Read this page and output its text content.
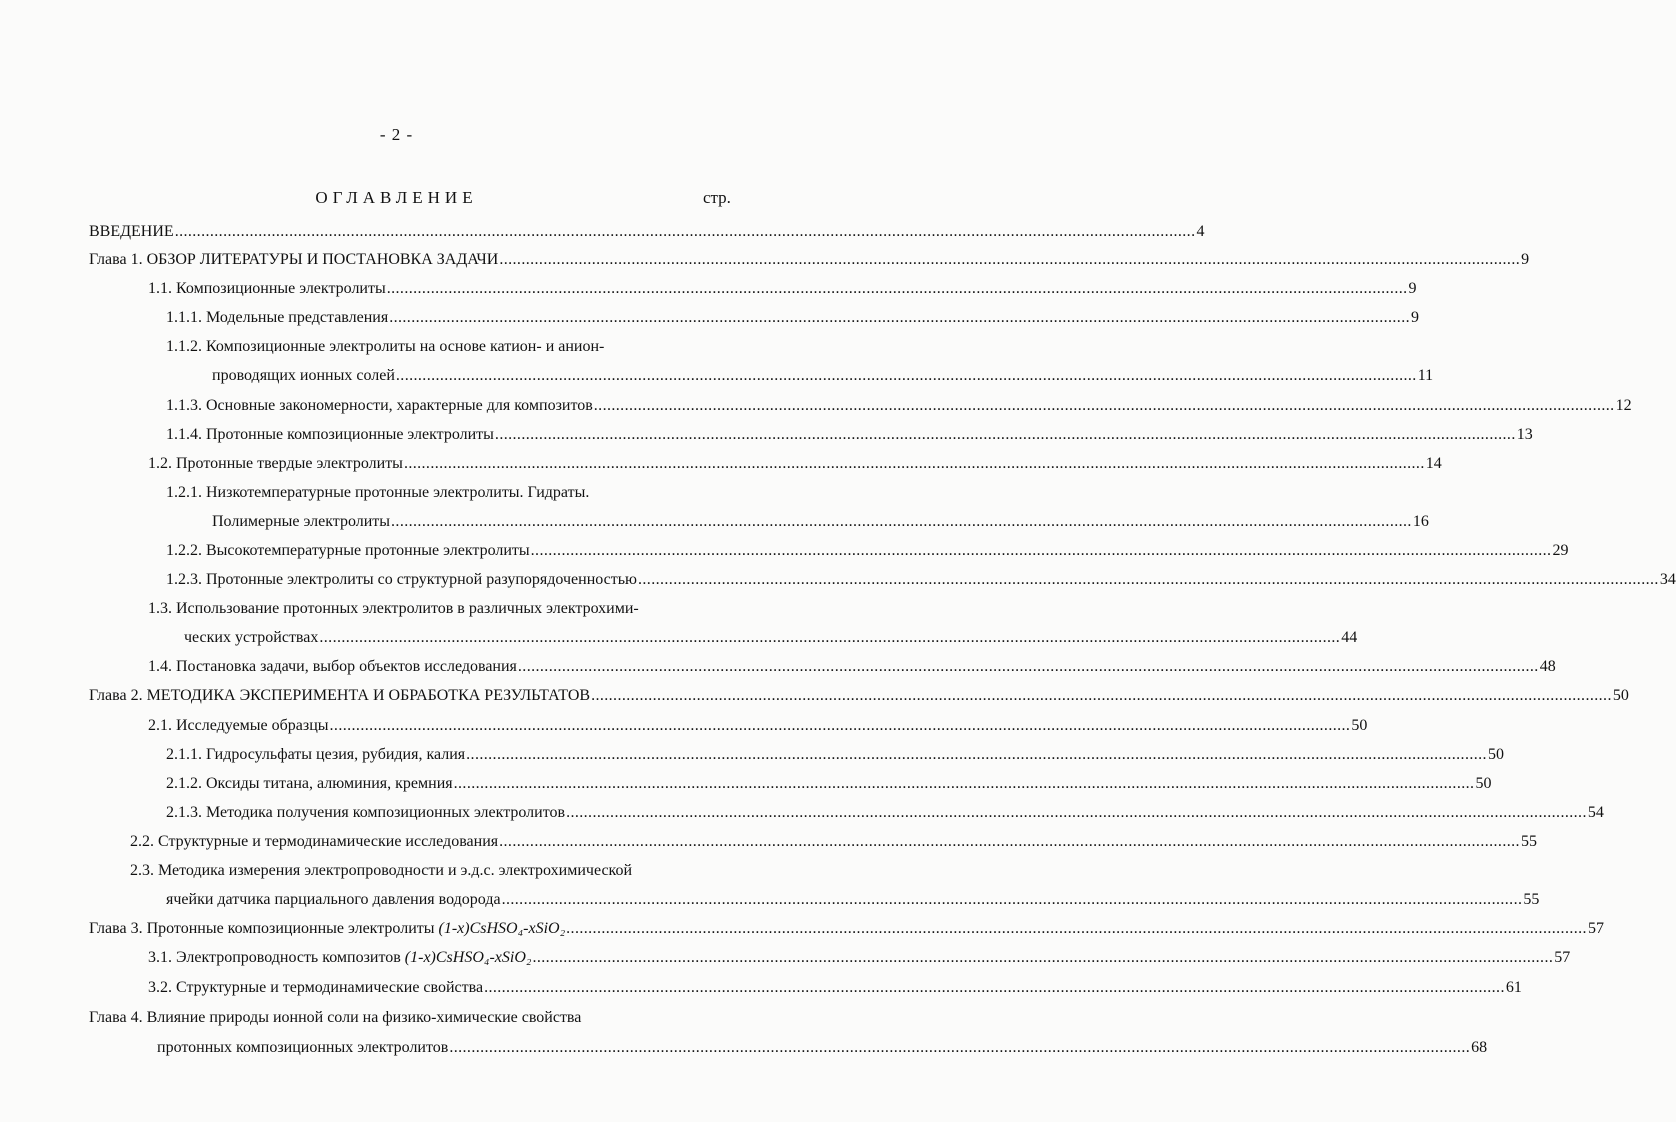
- 2 -
ОГЛАВЛЕНИЕ	стр.
ВВЕДЕНИЕ .....	4
Глава 1. ОБЗОР ЛИТЕРАТУРЫ И ПОСТАНОВКА ЗАДАЧИ .....	9
1.1. Композиционные электролиты .....	9
1.1.1. Модельные представления .....	9
1.1.2. Композиционные электролиты на основе катион- и анион-
проводящих ионных солей .....	11
1.1.3. Основные закономерности, характерные для композитов .....	12
1.1.4. Протонные композиционные электролиты .....	13
1.2. Протонные твердые электролиты .....	14
1.2.1. Низкотемпературные протонные электролиты. Гидраты.
Полимерные электролиты .....	16
1.2.2. Высокотемпературные протонные электролиты .....	29
1.2.3. Протонные электролиты со структурной разупорядоченностью .....	34
1.3. Использование протонных электролитов в различных электрохими-
ческих устройствах .....	44
1.4. Постановка задачи, выбор объектов исследования .....	48
Глава 2. МЕТОДИКА ЭКСПЕРИМЕНТА И ОБРАБОТКА РЕЗУЛЬТАТОВ .....	50
2.1. Исследуемые образцы .....	50
2.1.1. Гидросульфаты цезия, рубидия, калия .....	50
2.1.2. Оксиды титана, алюминия, кремния .....	50
2.1.3. Методика получения композиционных электролитов .....	54
2.2. Структурные и термодинамические исследования .....	55
2.3. Методика измерения электропроводности и э.д.с. электрохимической
ячейки датчика парциального давления водорода .....	55
Глава 3. Протонные композиционные электролиты (1-x)CsHSO₄-xSiO₂ .....	57
3.1. Электропроводность композитов (1-x)CsHSO₄-xSiO₂ .....	57
3.2. Структурные и термодинамические свойства .....	61
Глава 4. Влияние природы ионной соли на физико-химические свойства
протонных композиционных электролитов .....	68
